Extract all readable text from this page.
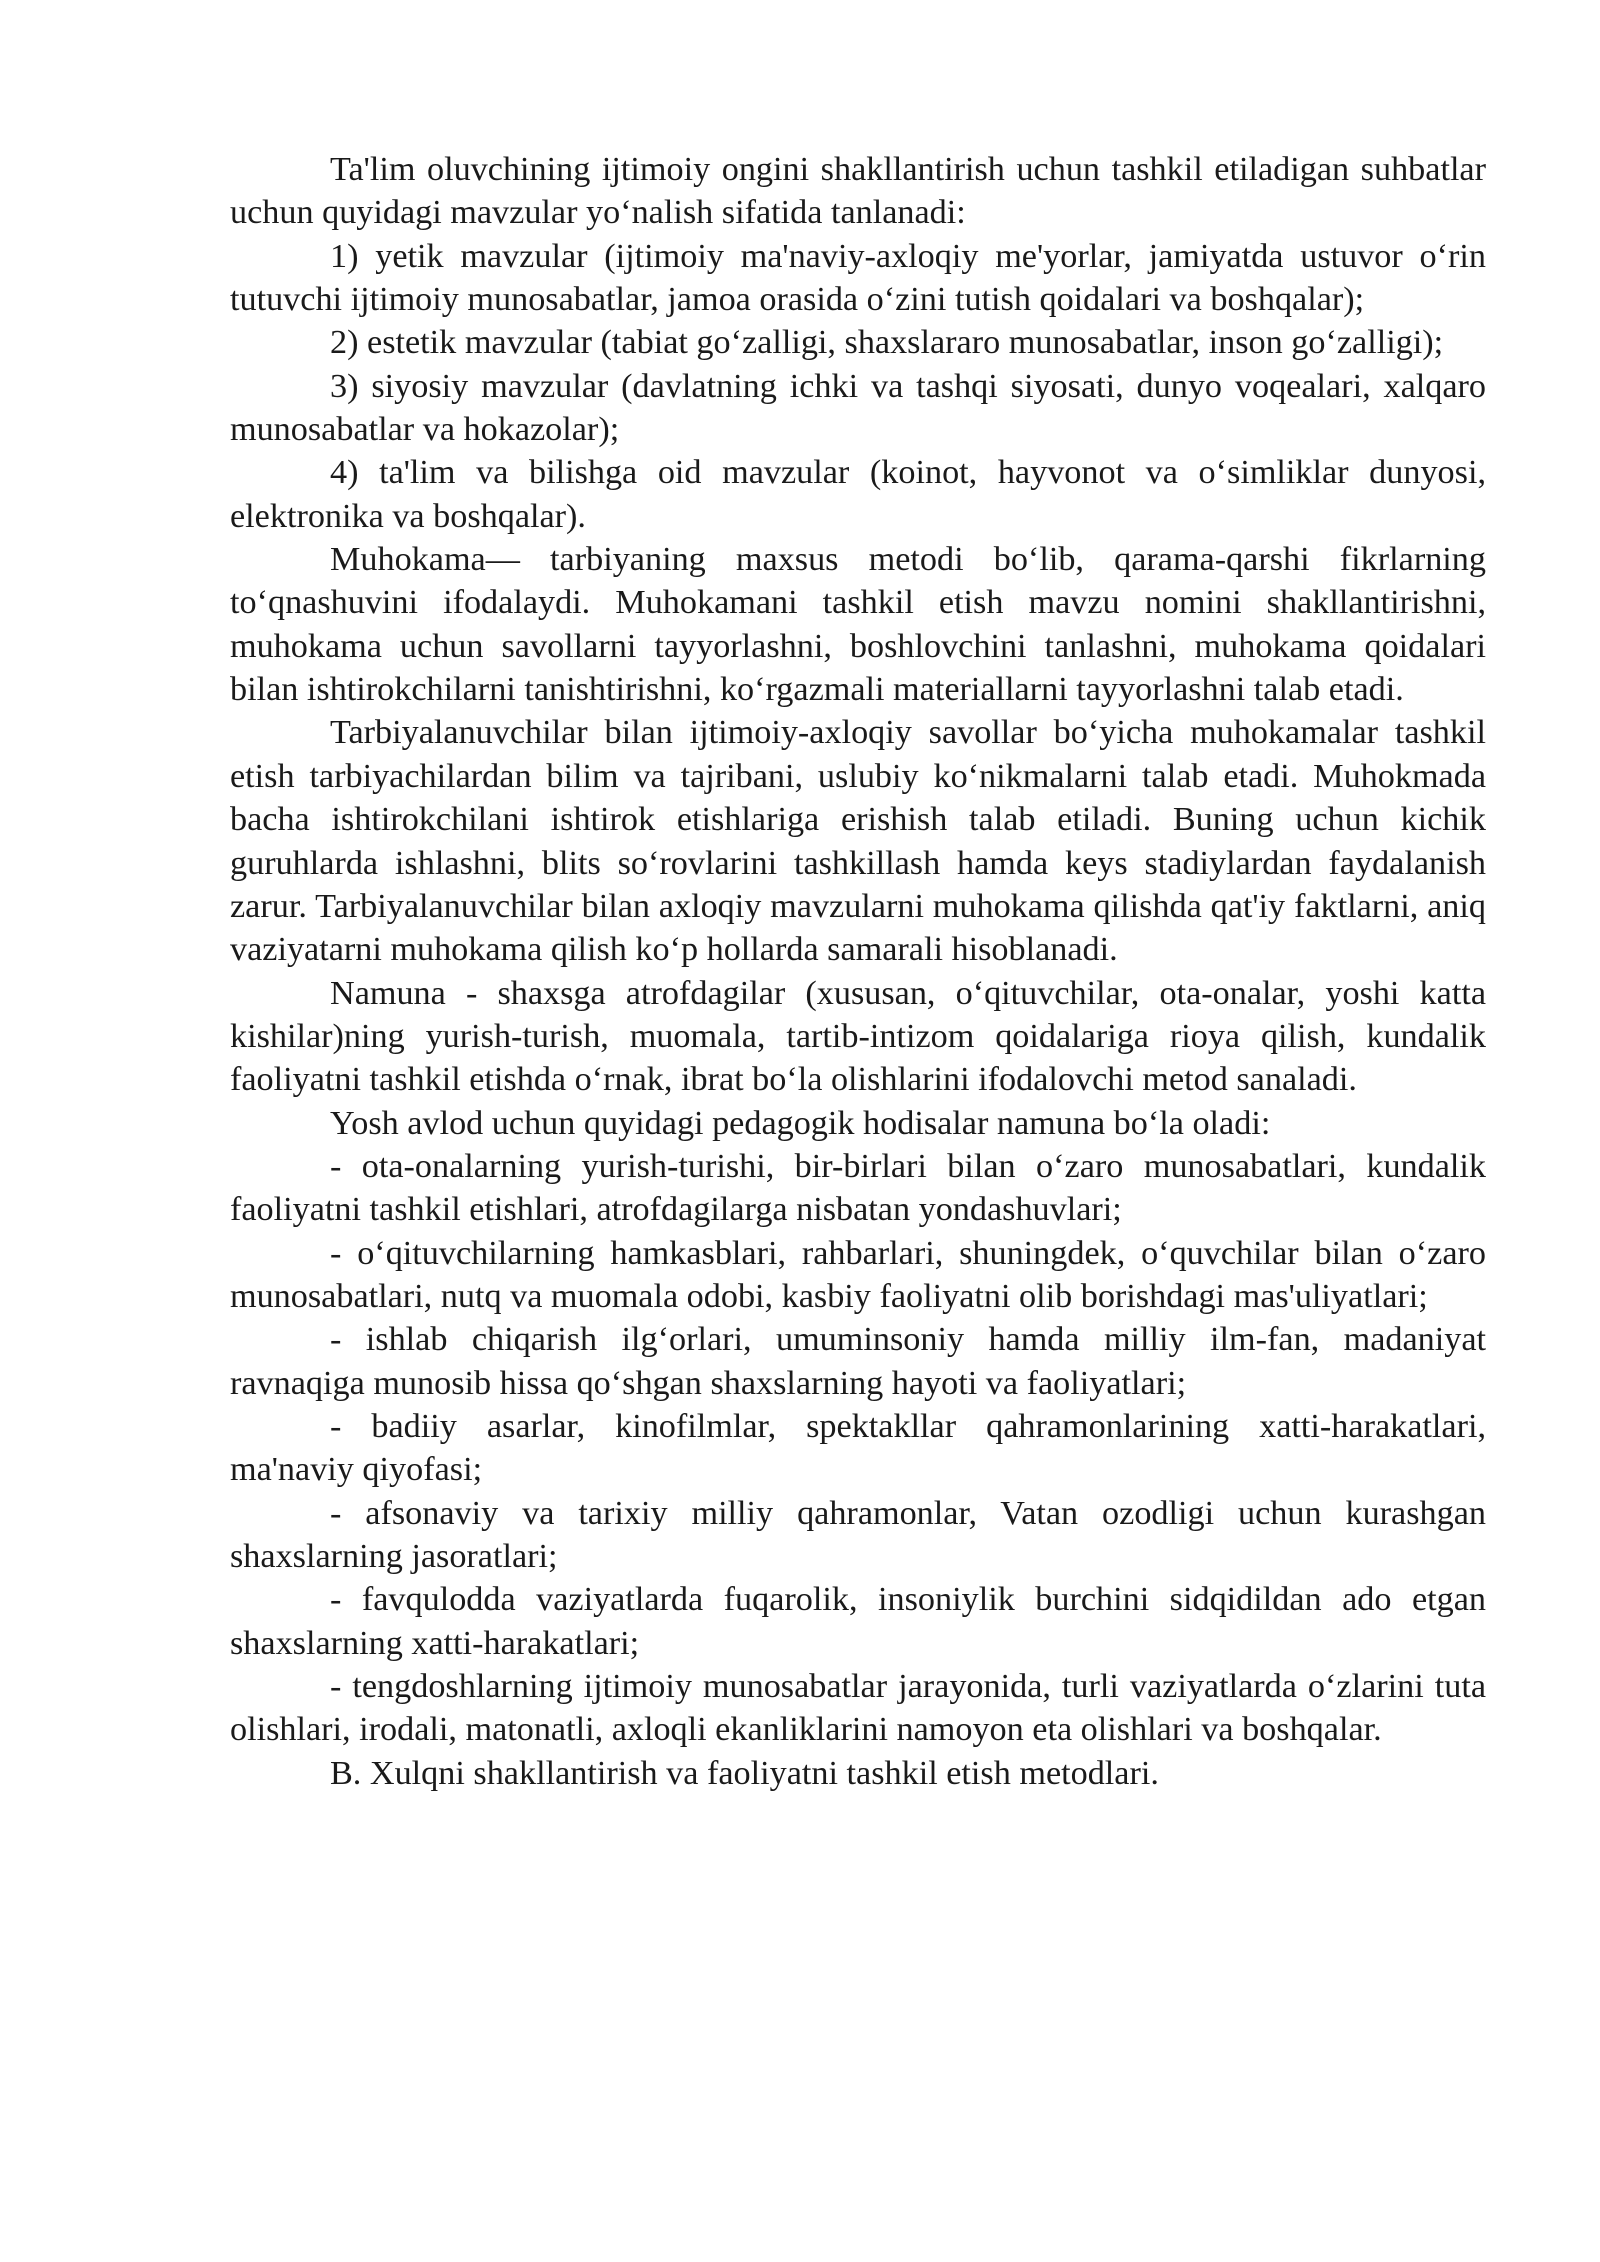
Ta'lim oluvchining ijtimoiy ongini shakllantirish uchun tashkil etiladigan suhbatlar uchun quyidagi mavzular yo‘nalish sifatida tanlanadi:

1) yetik mavzular (ijtimoiy ma'naviy-axloqiy me'yorlar, jamiyatda ustuvor o‘rin tutuvchi ijtimoiy munosabatlar, jamoa orasida o‘zini tutish qoidalari va boshqalar);

2) estetik mavzular (tabiat go‘zalligi, shaxslararo munosabatlar, inson go‘zalligi);

3) siyosiy mavzular (davlatning ichki va tashqi siyosati, dunyo voqealari, xalqaro munosabatlar va hokazolar);

4) ta'lim va bilishga oid mavzular (koinot, hayvonot va o‘simliklar dunyosi, elektronika va boshqalar).

Muhokama— tarbiyaning maxsus metodi bo‘lib, qarama-qarshi fikrlarning to‘qnashuvini ifodalaydi. Muhokamani tashkil etish mavzu nomini shakllantirishni, muhokama uchun savollarni tayyorlashni, boshlovchini tanlashni, muhokama qoidalari bilan ishtirokchilarni tanishtirishni, ko‘rgazmali materiallarni tayyorlashni talab etadi.

Tarbiyalanuvchilar bilan ijtimoiy-axloqiy savollar bo‘yicha muhokamalar tashkil etish tarbiyachilardan bilim va tajribani, uslubiy ko‘nikmalarni talab etadi. Muhokmada bacha ishtirokchilani ishtirok etishlariga erishish talab etiladi. Buning uchun kichik guruhlarda ishlashni, blits so‘rovlarini tashkillash hamda keys stadiylardan faydalanish zarur. Tarbiyalanuvchilar bilan axloqiy mavzularni muhokama qilishda qat'iy faktlarni, aniq vaziyatarni muhokama qilish ko‘p hollarda samarali hisoblanadi.

Namuna - shaxsga atrofdagilar (xususan, o‘qituvchilar, ota-onalar, yoshi katta kishilar)ning yurish-turish, muomala, tartib-intizom qoidalariga rioya qilish, kundalik faoliyatni tashkil etishda o‘rnak, ibrat bo‘la olishlarini ifodalovchi metod sanaladi.

Yosh avlod uchun quyidagi pedagogik hodisalar namuna bo‘la oladi:

- ota-onalarning yurish-turishi, bir-birlari bilan o‘zaro munosabatlari, kundalik faoliyatni tashkil etishlari, atrofdagilarga nisbatan yondashuvlari;

- o‘qituvchilarning hamkasblari, rahbarlari, shuningdek, o‘quvchilar bilan o‘zaro munosabatlari, nutq va muomala odobi, kasbiy faoliyatni olib borishdagi mas'uliyatlari;

- ishlab chiqarish ilg‘orlari, umuminsoniy hamda milliy ilm-fan, madaniyat ravnaqiga munosib hissa qo‘shgan shaxslarning hayoti va faoliyatlari;

- badiiy asarlar, kinofilmlar, spektakllar qahramonlarining xatti-harakatlari, ma'naviy qiyofasi;

- afsonaviy va tarixiy milliy qahramonlar, Vatan ozodligi uchun kurashgan shaxslarning jasoratlari;

- favqulodda vaziyatlarda fuqarolik, insoniylik burchini sidqidildan ado etgan shaxslarning xatti-harakatlari;

- tengdoshlarning ijtimoiy munosabatlar jarayonida, turli vaziyatlarda o‘zlarini tuta olishlari, irodali, matonatli, axloqli ekanliklarini namoyon eta olishlari va boshqalar.

B. Xulqni shakllantirish va faoliyatni tashkil etish metodlari.
